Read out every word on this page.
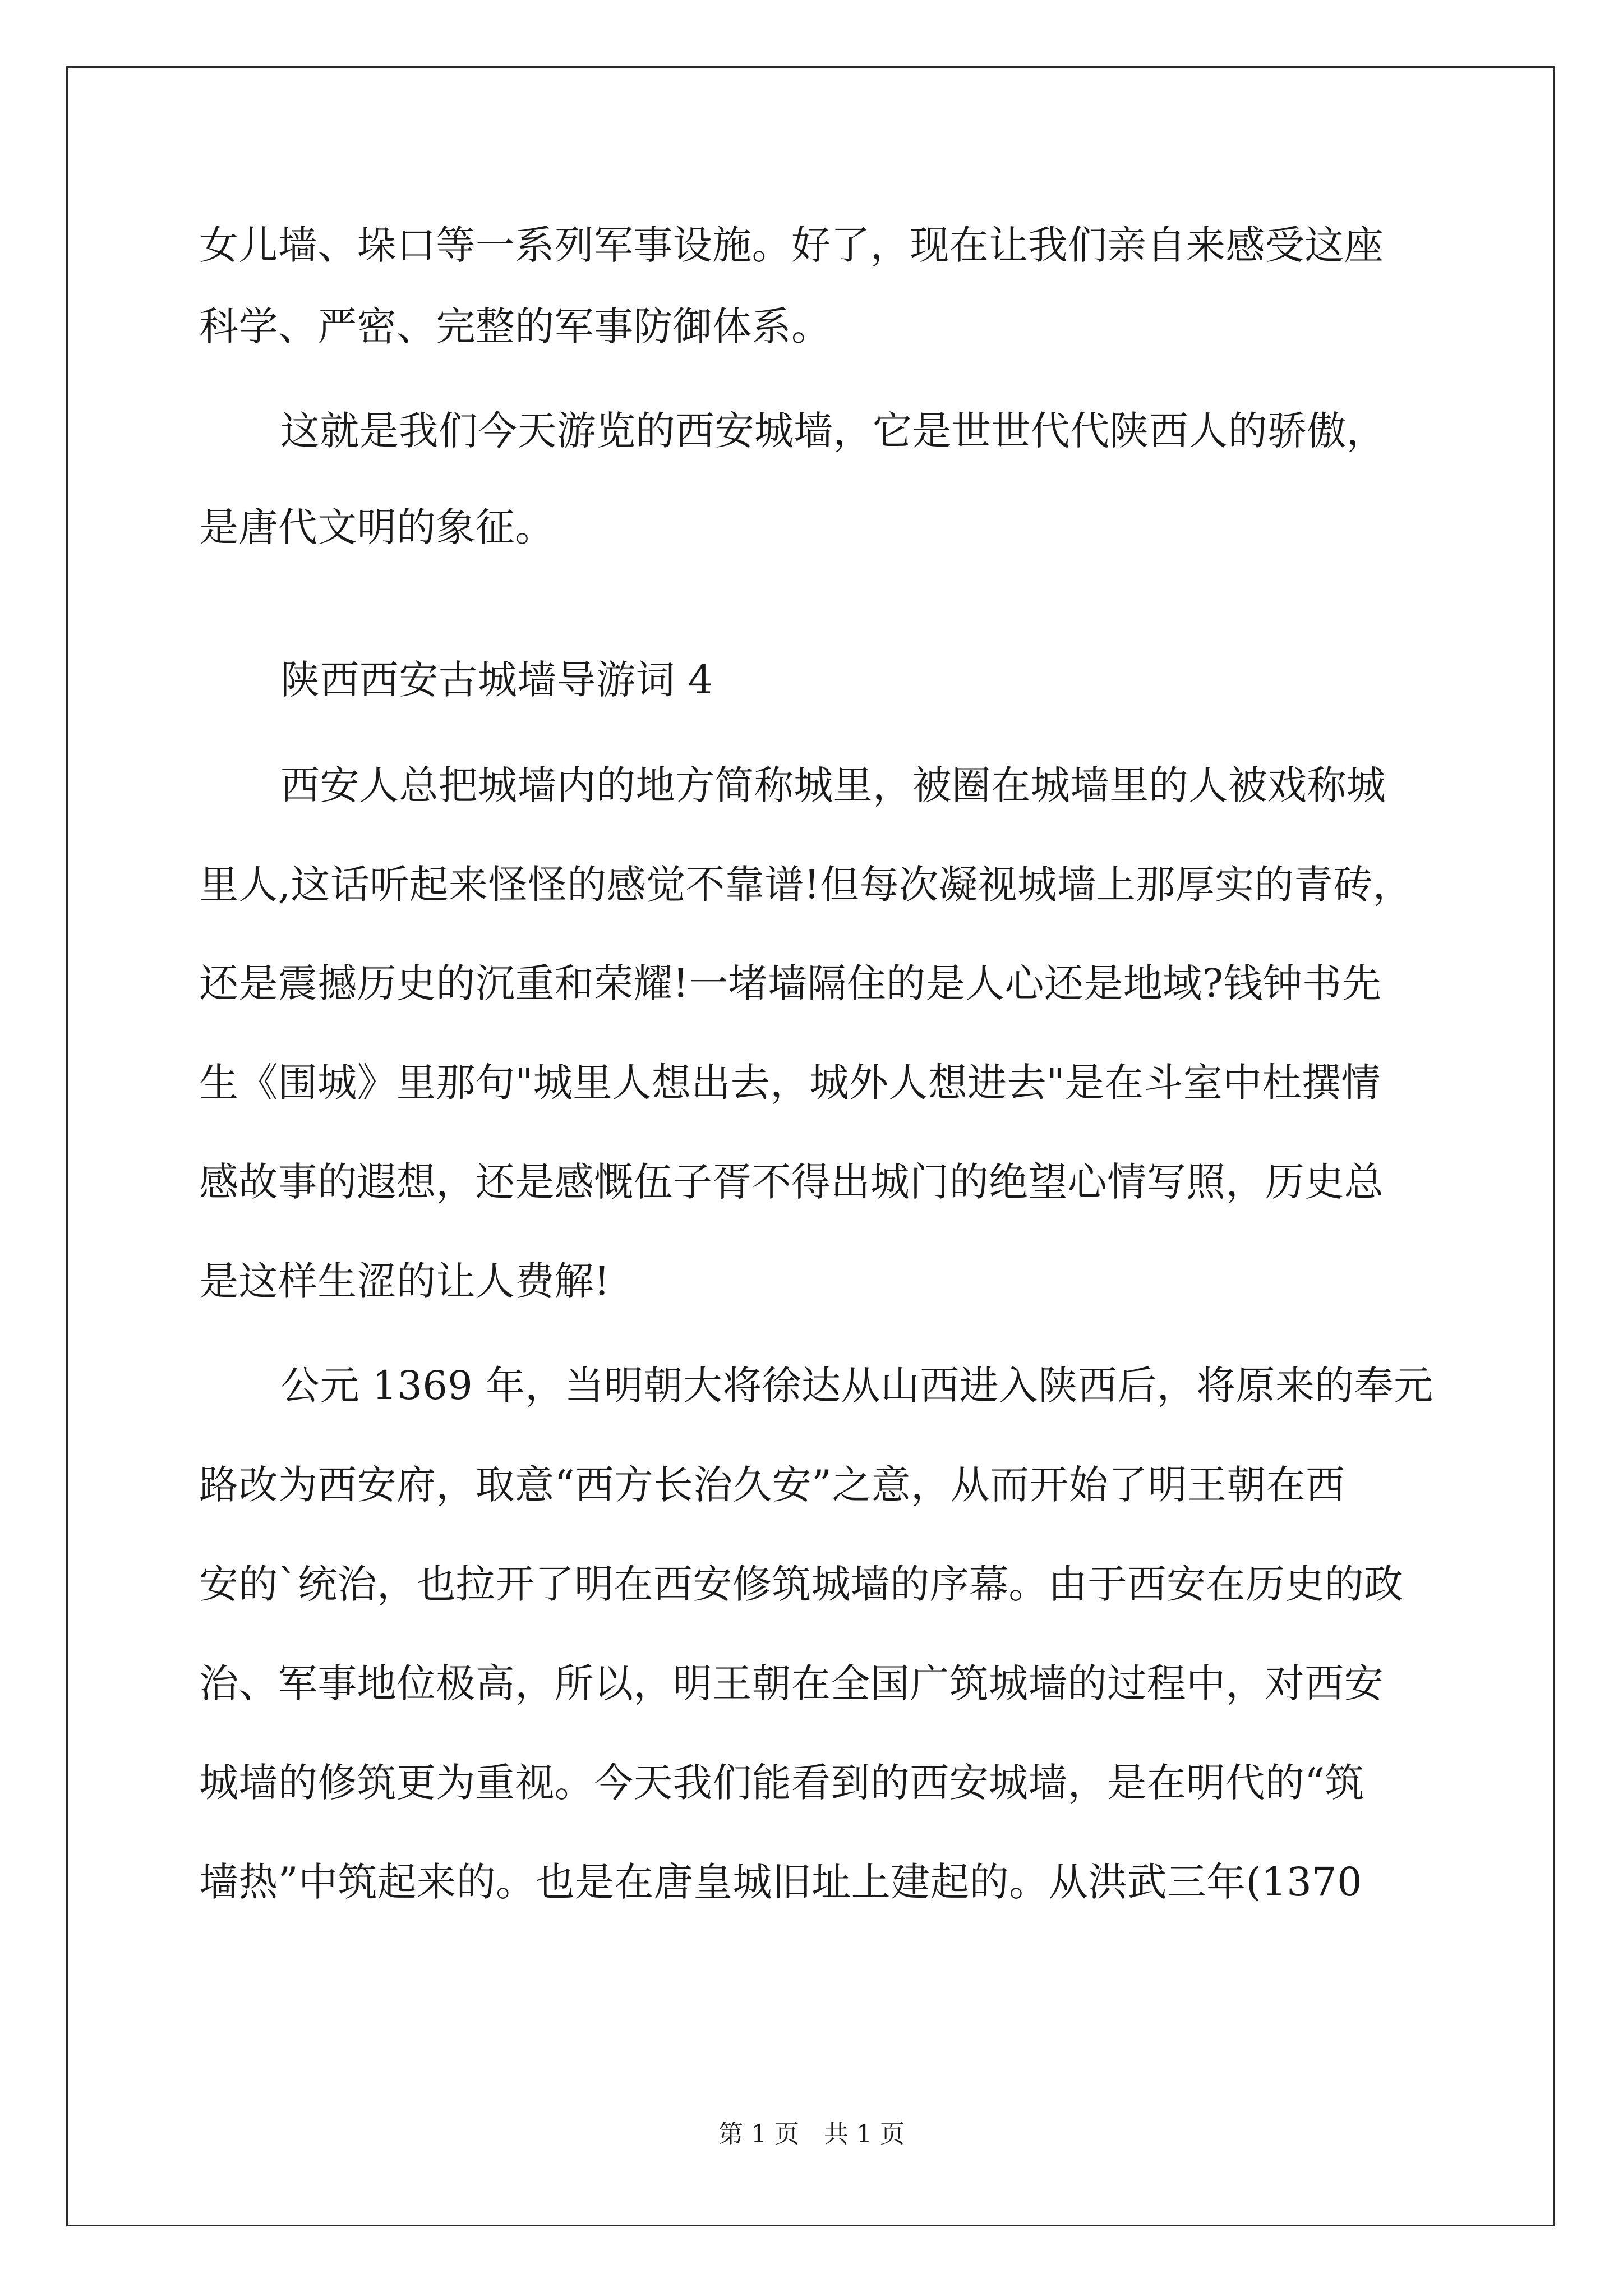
女儿墙、垛口等一系列军事设施。好了，现在让我们亲自来感受这座
科学、严密、完整的军事防御体系。
这就是我们今天游览的西安城墙，它是世世代代陕西人的骄傲，
是唐代文明的象征。
陕西西安古城墙导游词 4
西安人总把城墙内的地方简称城里，被圈在城墙里的人被戏称城
里人,这话听起来怪怪的感觉不靠谱!但每次凝视城墙上那厚实的青砖，
还是震撼历史的沉重和荣耀!一堵墙隔住的是人心还是地域?钱钟书先
生《围城》里那句"城里人想出去，城外人想进去"是在斗室中杜撰情
感故事的遐想，还是感慨伍子胥不得出城门的绝望心情写照，历史总
是这样生涩的让人费解!
公元 1369 年，当明朝大将徐达从山西进入陕西后，将原来的奉元
路改为西安府，取意“西方长治久安”之意，从而开始了明王朝在西
安的`统治，也拉开了明在西安修筑城墙的序幕。由于西安在历史的政
治、军事地位极高，所以，明王朝在全国广筑城墙的过程中，对西安
城墙的修筑更为重视。今天我们能看到的西安城墙，是在明代的“筑
墙热”中筑起来的。也是在唐皇城旧址上建起的。从洪武三年(1370
第 1 页　共 1 页
